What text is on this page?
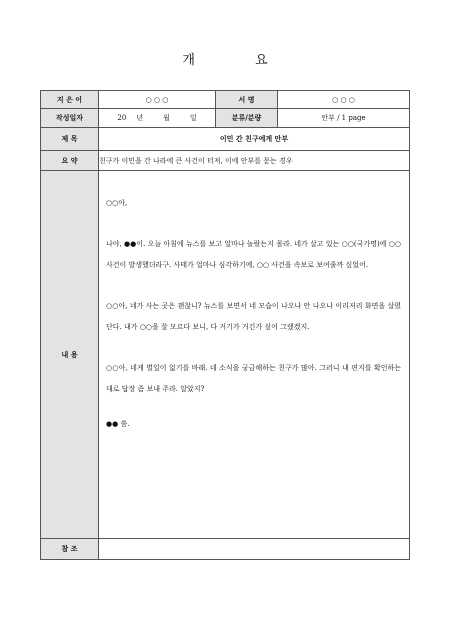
개 요
지 은 이	○ ○ ○	서 명	○ ○ ○
작성일자	20 년 월 일	분류/분량	안부 / 1 page
제 목	이민 간 친구에게 안부		
요 약	친구가 이민을 간 나라에 큰 사건이 터져, 이에 안부를 묻는 경우		
내 용	○○아,

나야, ●●이. 오늘 아침에 뉴스를 보고 얼마나 놀랐는지 몰라. 네가 살고 있는 ○○(국가명)에 ○○ 사건이 발생했더라구. 사태가 얼마나 심각하기에, ○○ 사건을 속보로 보여줄까 싶었어.

○○아, 네가 사는 곳은 괜찮니? 뉴스를 보면서 네 모습이 나오나 안 나오나 이리저리 화면을 살폈단다. 내가 ○○을 잘 모르다 보니, 다 거기가 거긴가 싶어 그랬겠지.

○○아, 네게 별일이 없기를 바래. 네 소식을 궁금해하는 친구가 많아. 그러니 내 편지를 확인하는 대로 답장 좀 보내 주라. 알았지?

●● 씀.		

참 조			
